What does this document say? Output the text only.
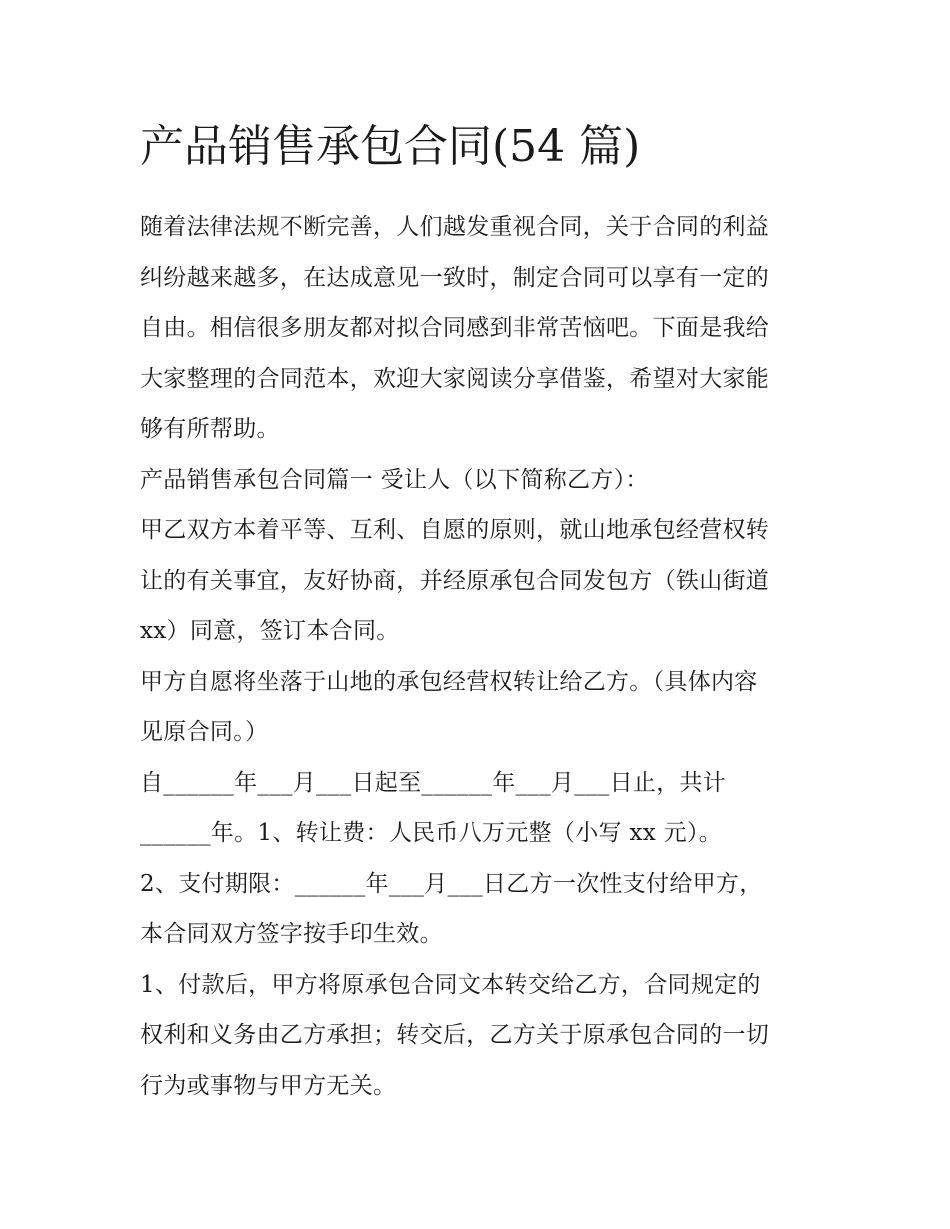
产品销售承包合同(54 篇)

随着法律法规不断完善，人们越发重视合同，关于合同的利益
纠纷越来越多，在达成意见一致时，制定合同可以享有一定的
自由。相信很多朋友都对拟合同感到非常苦恼吧。下面是我给
大家整理的合同范本，欢迎大家阅读分享借鉴，希望对大家能
够有所帮助。

产品销售承包合同篇一 受让人（以下简称乙方）：

甲乙双方本着平等、互利、自愿的原则，就山地承包经营权转
让的有关事宜，友好协商，并经原承包合同发包方（铁山街道
xx）同意，签订本合同。

甲方自愿将坐落于山地的承包经营权转让给乙方。（具体内容
见原合同。）

自______年___月___日起至______年___月___日止，共计
______年。1、转让费：人民币八万元整（小写 xx 元）。

2、支付期限：______年___月___日乙方一次性支付给甲方，
本合同双方签字按手印生效。

1、付款后，甲方将原承包合同文本转交给乙方，合同规定的
权利和义务由乙方承担；转交后，乙方关于原承包合同的一切
行为或事物与甲方无关。
